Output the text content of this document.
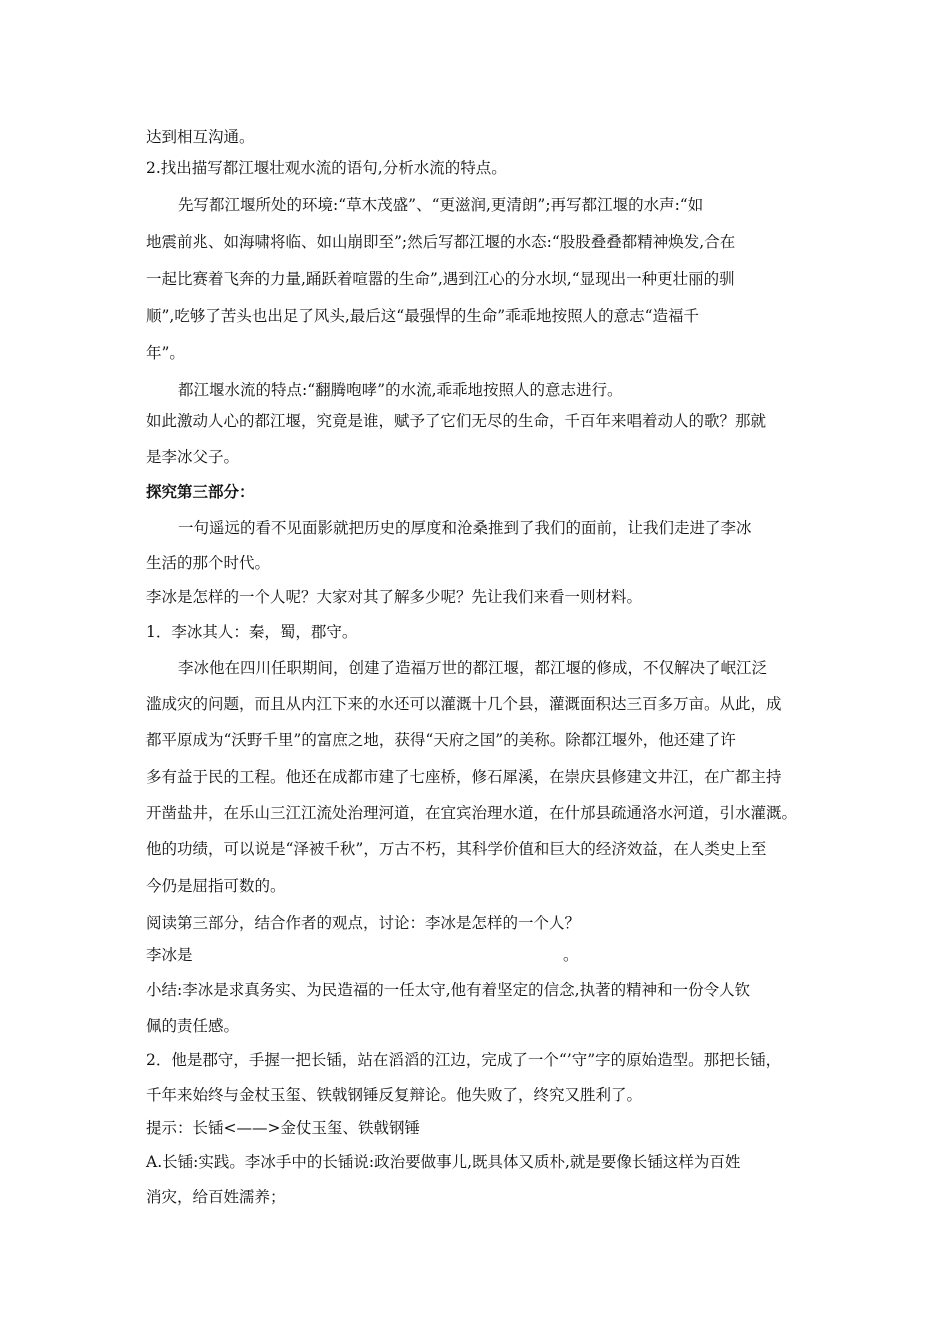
达到相互沟通。
2.找出描写都江堰壮观水流的语句,分析水流的特点。
先写都江堰所处的环境:“草木茂盛”、“更滋润,更清朗”;再写都江堰的水声:“如
地震前兆、如海啸将临、如山崩即至”;然后写都江堰的水态:“股股叠叠都精神焕发,合在
一起比赛着飞奔的力量,踊跃着喧嚣的生命”,遇到江心的分水坝,“显现出一种更壮丽的驯
顺”,吃够了苦头也出足了风头,最后这“最强悍的生命”乖乖地按照人的意志“造福千
年”。
都江堰水流的特点:“翻腾咆哮”的水流,乖乖地按照人的意志进行。
如此激动人心的都江堰，究竟是谁，赋予了它们无尽的生命，千百年来唱着动人的歌？那就
是李冰父子。
探究第三部分：
一句遥远的看不见面影就把历史的厚度和沧桑推到了我们的面前，让我们走进了李冰
生活的那个时代。
李冰是怎样的一个人呢？大家对其了解多少呢？先让我们来看一则材料。
1．李冰其人：秦，蜀，郡守。
李冰他在四川任职期间，创建了造福万世的都江堰，都江堰的修成，不仅解决了岷江泛
滥成灾的问题，而且从内江下来的水还可以灌溉十几个县，灌溉面积达三百多万亩。从此，成
都平原成为“沃野千里”的富庶之地，获得“天府之国”的美称。除都江堰外，他还建了许
多有益于民的工程。他还在成都市建了七座桥，修石犀溪，在崇庆县修建文井江，在广都主持
开凿盐井，在乐山三江江流处治理河道，在宜宾治理水道，在什邡县疏通洛水河道，引水灌溉。
他的功绩，可以说是“泽被千秋”，万古不朽，其科学价值和巨大的经济效益，在人类史上至
今仍是屈指可数的。
阅读第三部分，结合作者的观点，讨论：李冰是怎样的一个人？
李冰是	。
小结:李冰是求真务实、为民造福的一任太守,他有着坚定的信念,执著的精神和一份令人钦
佩的责任感。
2．他是郡守，手握一把长锸，站在滔滔的江边，完成了一个“’守”字的原始造型。那把长锸，
千年来始终与金杖玉玺、铁戟钢锤反复辩论。他失败了，终究又胜利了。
提示：长锸<——>金仗玉玺、铁戟钢锤
A.长锸:实践。李冰手中的长锸说:政治要做事儿,既具体又质朴,就是要像长锸这样为百姓
消灾，给百姓濡养；
